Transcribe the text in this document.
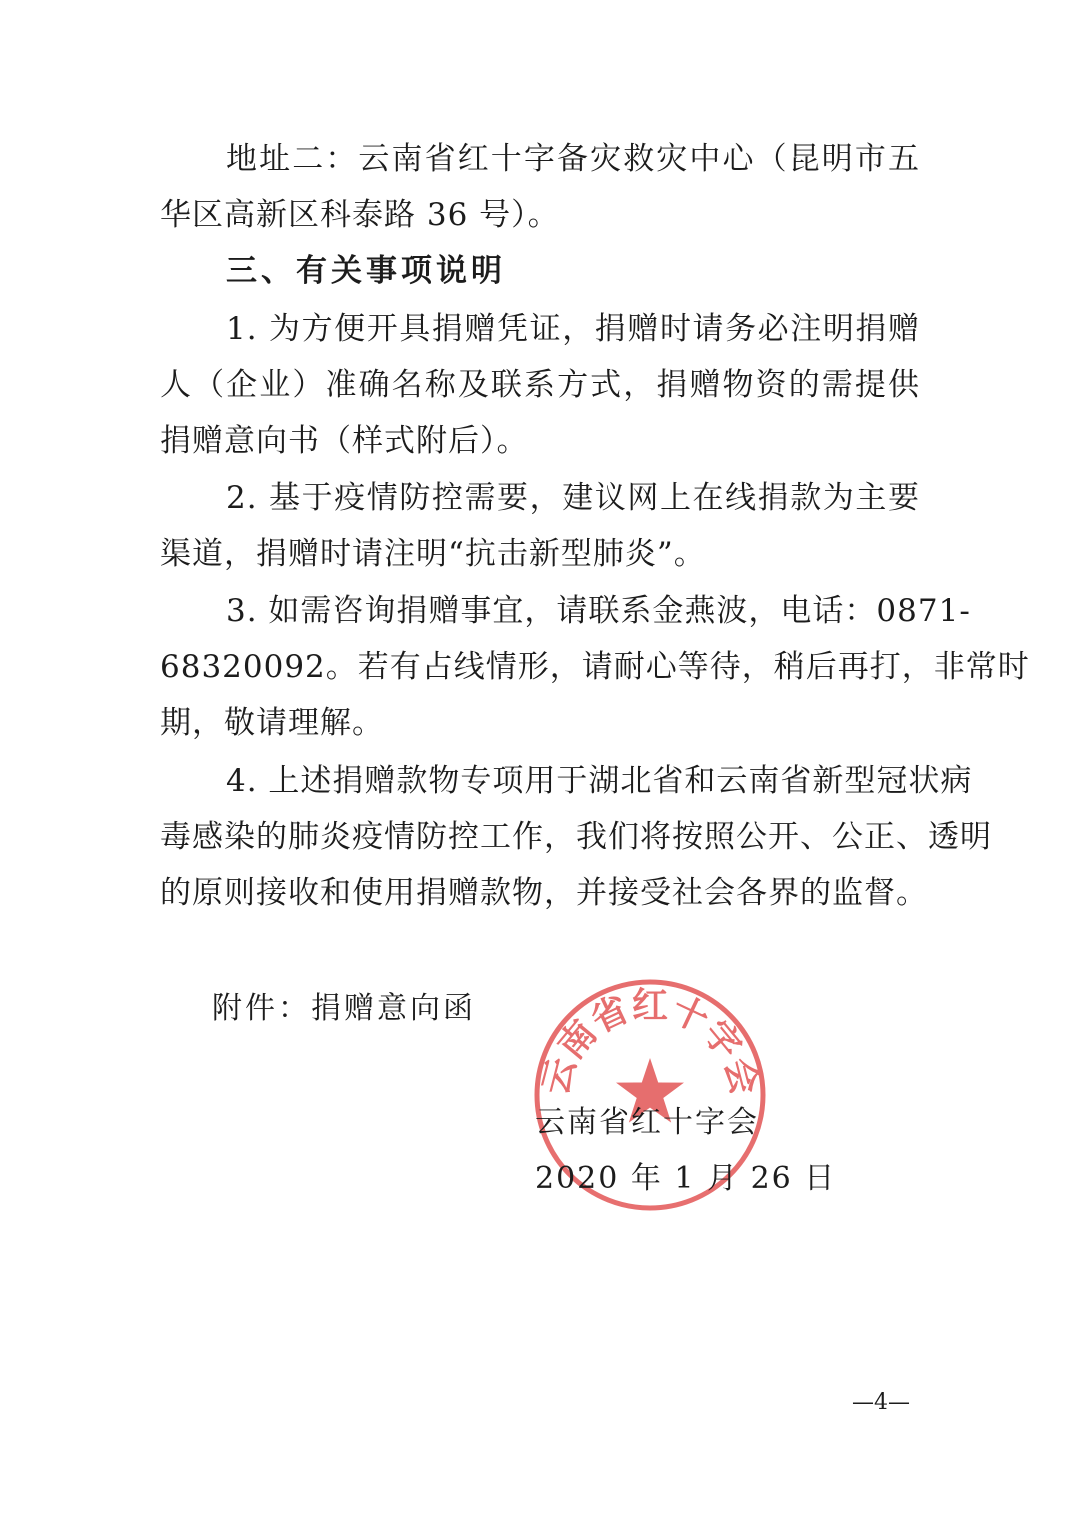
地址二：云南省红十字备灾救灾中心（昆明市五
华区高新区科泰路 36 号）。
三、有关事项说明
1. 为方便开具捐赠凭证，捐赠时请务必注明捐赠
人（企业）准确名称及联系方式，捐赠物资的需提供
捐赠意向书（样式附后）。
2. 基于疫情防控需要，建议网上在线捐款为主要
渠道，捐赠时请注明“抗击新型肺炎”。
3. 如需咨询捐赠事宜，请联系金燕波，电话：0871-
68320092。若有占线情形，请耐心等待，稍后再打，非常时
期，敬请理解。
4. 上述捐赠款物专项用于湖北省和云南省新型冠状病
毒感染的肺炎疫情防控工作，我们将按照公开、公正、透明
的原则接收和使用捐赠款物，并接受社会各界的监督。
附件：捐赠意向函
云南省红十字会
云南省红十字会
2020 年 1 月 26 日
—4—
